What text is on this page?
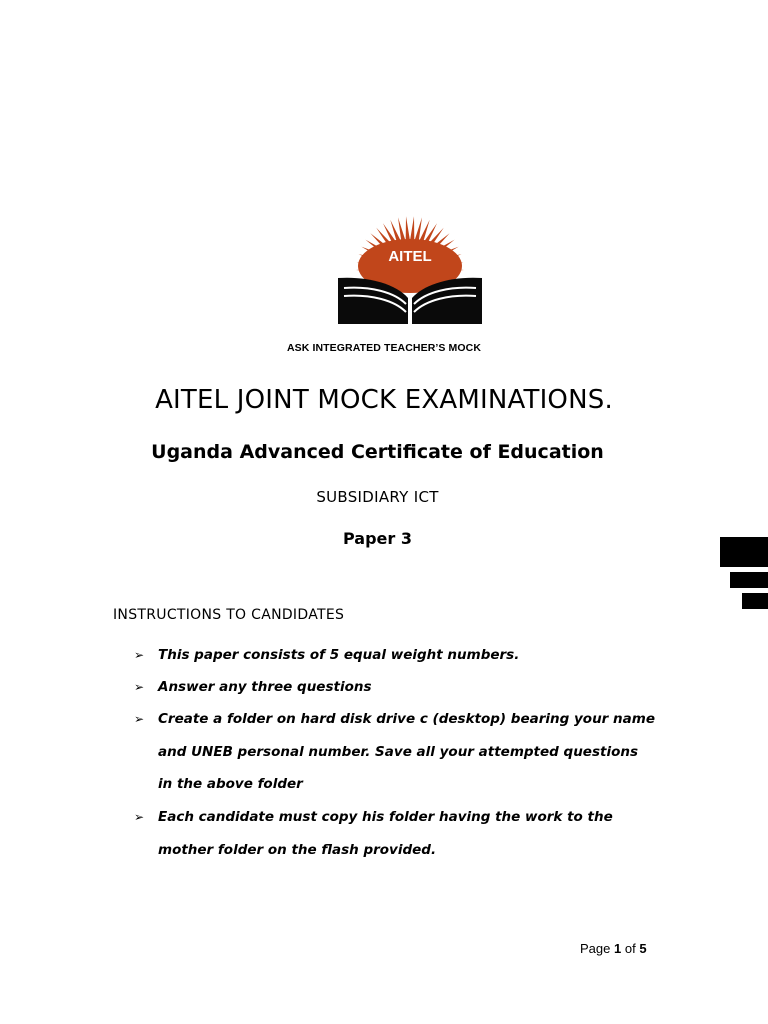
AITEL
ASK INTEGRATED TEACHER’S MOCK
AITEL JOINT MOCK EXAMINATIONS.
Uganda Advanced Certificate of Education
SUBSIDIARY ICT
Paper 3
INSTRUCTIONS TO CANDIDATES
➢ This paper consists of 5 equal weight numbers.
➢ Answer any three questions
➢ Create a folder on hard disk drive c (desktop) bearing your name
and UNEB personal number. Save all your attempted questions
in the above folder
➢ Each candidate must copy his folder having the work to the
mother folder on the flash provided.
Page 1 of 5
